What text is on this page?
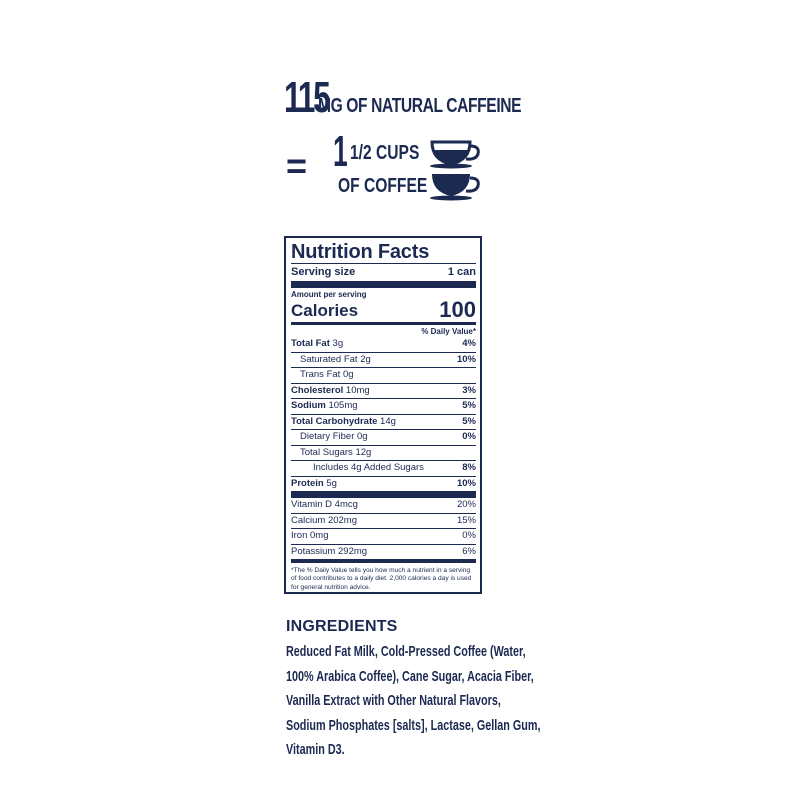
115
MG OF NATURAL CAFFEINE
= 1 1/2 CUPS
OF COFFEE
Nutrition Facts
Serving size	1 can
Amount per serving
Calories	100
% Daily Value*
Total Fat 3g	4%
Saturated Fat 2g	10%
Trans Fat 0g
Cholesterol 10mg	3%
Sodium 105mg	5%
Total Carbohydrate 14g	5%
Dietary Fiber 0g	0%
Total Sugars 12g
Includes 4g Added Sugars	8%
Protein 5g	10%
Vitamin D 4mcg	20%
Calcium 202mg	15%
Iron 0mg	0%
Potassium 292mg	6%
*The % Daily Value tells you how much a nutrient in a serving of food contributes to a daily diet. 2,000 calories a day is used for general nutrition advice.
INGREDIENTS
Reduced Fat Milk, Cold-Pressed Coffee (Water,
100% Arabica Coffee), Cane Sugar, Acacia Fiber,
Vanilla Extract with Other Natural Flavors,
Sodium Phosphates [salts], Lactase, Gellan Gum,
Vitamin D3.
